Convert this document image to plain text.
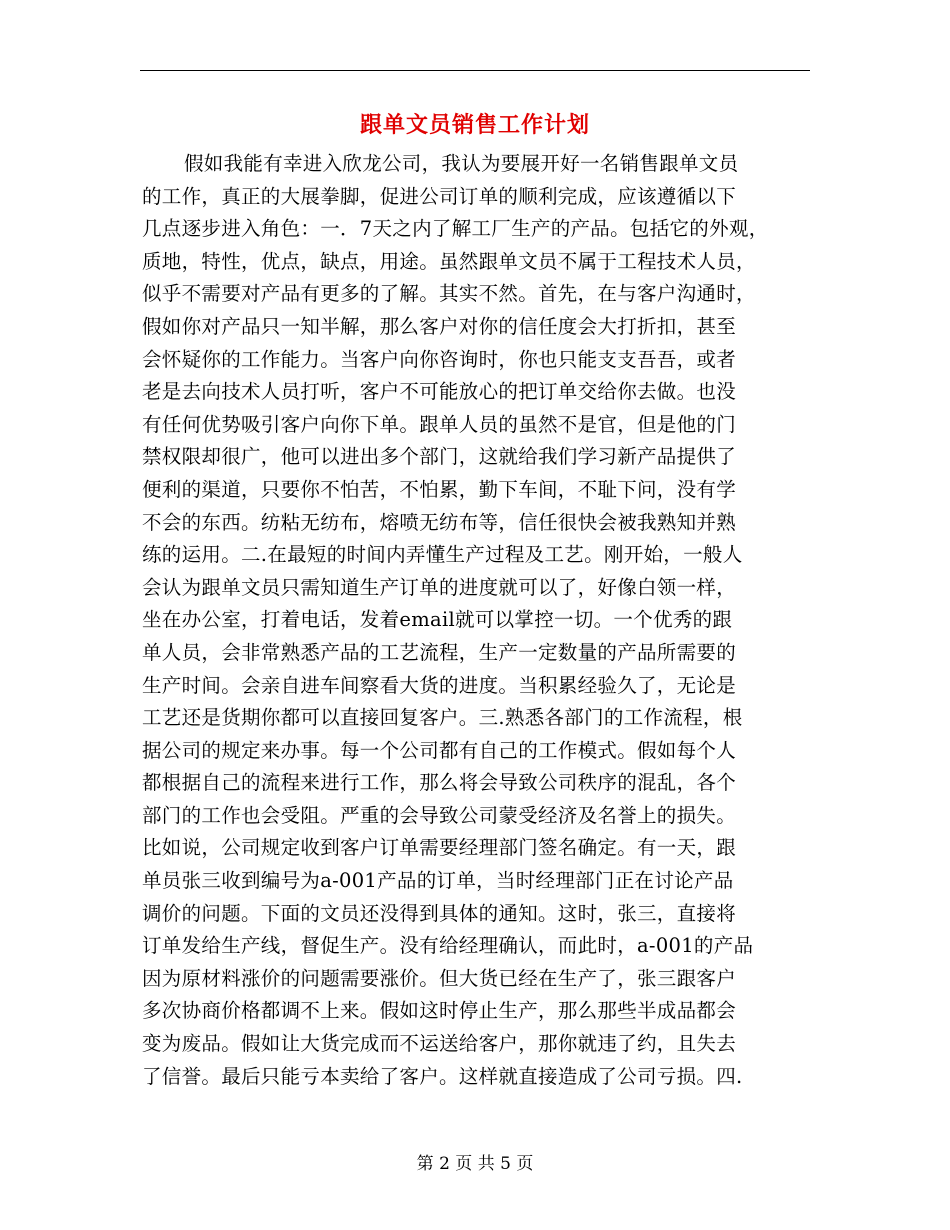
跟单文员销售工作计划
假如我能有幸进入欣龙公司，我认为要展开好一名销售跟单文员
的工作，真正的大展拳脚，促进公司订单的顺利完成，应该遵循以下
几点逐步进入角色：一．7天之内了解工厂生产的产品。包括它的外观，
质地，特性，优点，缺点，用途。虽然跟单文员不属于工程技术人员，
似乎不需要对产品有更多的了解。其实不然。首先，在与客户沟通时，
假如你对产品只一知半解，那么客户对你的信任度会大打折扣，甚至
会怀疑你的工作能力。当客户向你咨询时，你也只能支支吾吾，或者
老是去向技术人员打听，客户不可能放心的把订单交给你去做。也没
有任何优势吸引客户向你下单。跟单人员的虽然不是官，但是他的门
禁权限却很广，他可以进出多个部门，这就给我们学习新产品提供了
便利的渠道，只要你不怕苦，不怕累，勤下车间，不耻下问，没有学
不会的东西。纺粘无纺布，熔喷无纺布等，信任很快会被我熟知并熟
练的运用。二.在最短的时间内弄懂生产过程及工艺。刚开始，一般人
会认为跟单文员只需知道生产订单的进度就可以了，好像白领一样，
坐在办公室，打着电话，发着email就可以掌控一切。一个优秀的跟
单人员，会非常熟悉产品的工艺流程，生产一定数量的产品所需要的
生产时间。会亲自进车间察看大货的进度。当积累经验久了，无论是
工艺还是货期你都可以直接回复客户。三.熟悉各部门的工作流程，根
据公司的规定来办事。每一个公司都有自己的工作模式。假如每个人
都根据自己的流程来进行工作，那么将会导致公司秩序的混乱，各个
部门的工作也会受阻。严重的会导致公司蒙受经济及名誉上的损失。
比如说，公司规定收到客户订单需要经理部门签名确定。有一天，跟
单员张三收到编号为a-001产品的订单，当时经理部门正在讨论产品
调价的问题。下面的文员还没得到具体的通知。这时，张三，直接将
订单发给生产线，督促生产。没有给经理确认，而此时，a-001的产品
因为原材料涨价的问题需要涨价。但大货已经在生产了，张三跟客户
多次协商价格都调不上来。假如这时停止生产，那么那些半成品都会
变为废品。假如让大货完成而不运送给客户，那你就违了约，且失去
了信誉。最后只能亏本卖给了客户。这样就直接造成了公司亏损。四.
第 2 页 共 5 页
